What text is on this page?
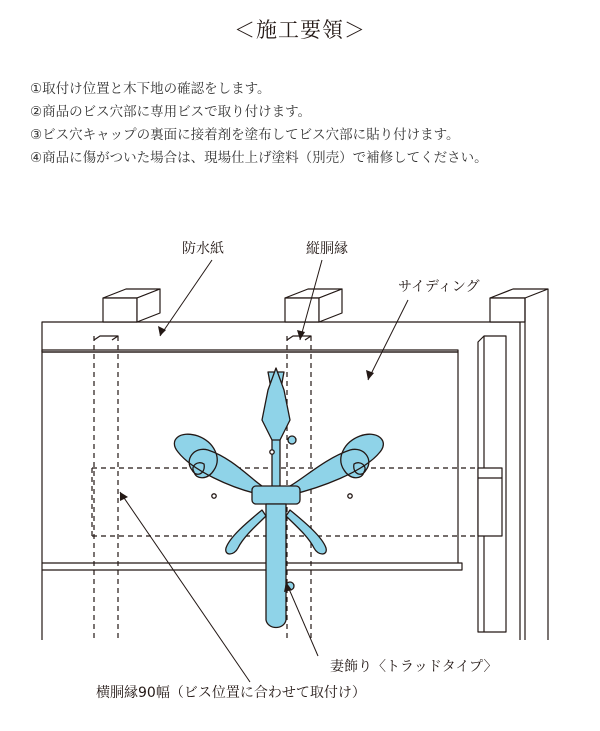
＜施工要領＞
①取付け位置と木下地の確認をします。
②商品のビス穴部に専用ビスで取り付けます。
③ビス穴キャップの裏面に接着剤を塗布してビス穴部に貼り付けます。
④商品に傷がついた場合は、現場仕上げ塗料（別売）で補修してください。
防水紙	縦胴縁
サイディング
妻飾り〈トラッドタイプ〉
横胴縁90幅（ビス位置に合わせて取付け）
